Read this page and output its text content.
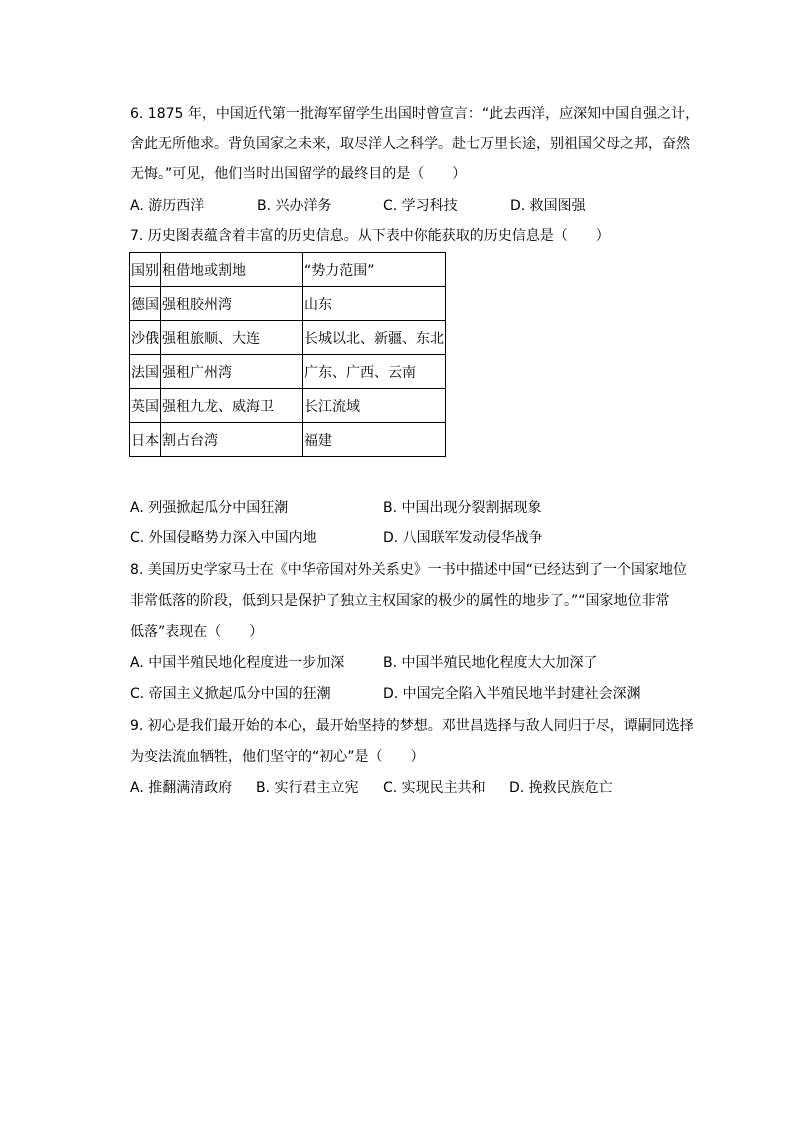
6. 1875 年，中国近代第一批海军留学生出国时曾宣言：“此去西洋，应深知中国自强之计，
舍此无所他求。背负国家之未来，取尽洋人之科学。赴七万里长途，别祖国父母之邦，奋然
无悔。”可见，他们当时出国留学的最终目的是（　　）
A. 游历西洋	B. 兴办洋务	C. 学习科技	D. 救国图强
7. 历史图表蕴含着丰富的历史信息。从下表中你能获取的历史信息是（　　）
国别	租借地或割地	“势力范围”
德国	强租胶州湾	山东
沙俄	强租旅顺、大连	长城以北、新疆、东北
法国	强租广州湾	广东、广西、云南
英国	强租九龙、威海卫	长江流域
日本	割占台湾	福建
A. 列强掀起瓜分中国狂潮	B. 中国出现分裂割据现象
C. 外国侵略势力深入中国内地	D. 八国联军发动侵华战争
8. 美国历史学家马士在《中华帝国对外关系史》一书中描述中国“已经达到了一个国家地位
非常低落的阶段，低到只是保护了独立主权国家的极少的属性的地步了。”“国家地位非常
低落”表现在（　　）
A. 中国半殖民地化程度进一步加深	B. 中国半殖民地化程度大大加深了
C. 帝国主义掀起瓜分中国的狂潮	D. 中国完全陷入半殖民地半封建社会深渊
9. 初心是我们最开始的本心，最开始坚持的梦想。邓世昌选择与敌人同归于尽，谭嗣同选择
为变法流血牺牲，他们坚守的“初心”是（　　）
A. 推翻满清政府 B. 实行君主立宪 C. 实现民主共和 D. 挽救民族危亡
